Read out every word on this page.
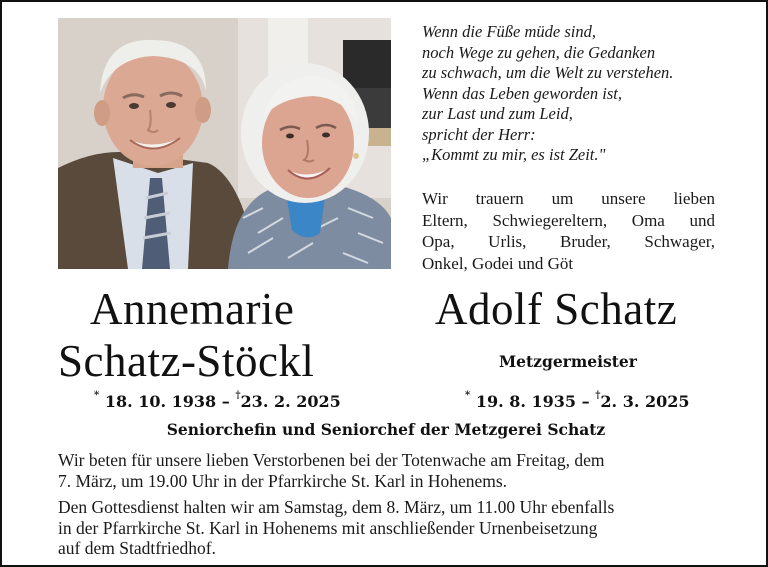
Wenn die Füße müde sind,
noch Wege zu gehen, die Gedanken
zu schwach, um die Welt zu verstehen.
Wenn das Leben geworden ist,
zur Last und zum Leid,
spricht der Herr:
„Kommt zu mir, es ist Zeit."
Wir trauern um unsere lieben
Eltern, Schwiegereltern, Oma und
Opa, Urlis, Bruder, Schwager,
Onkel, Godei und Göt
Annemarie
Schatz-Stöckl
Adolf Schatz
Metzgermeister
* 18. 10. 1938 – †23. 2. 2025	* 19. 8. 1935 – †2. 3. 2025
Seniorchefin und Seniorchef der Metzgerei Schatz
Wir beten für unsere lieben Verstorbenen bei der Totenwache am Freitag, dem
7. März, um 19.00 Uhr in der Pfarrkirche St. Karl in Hohenems.
Den Gottesdienst halten wir am Samstag, dem 8. März, um 11.00 Uhr ebenfalls
in der Pfarrkirche St. Karl in Hohenems mit anschließender Urnenbeisetzung
auf dem Stadtfriedhof.
